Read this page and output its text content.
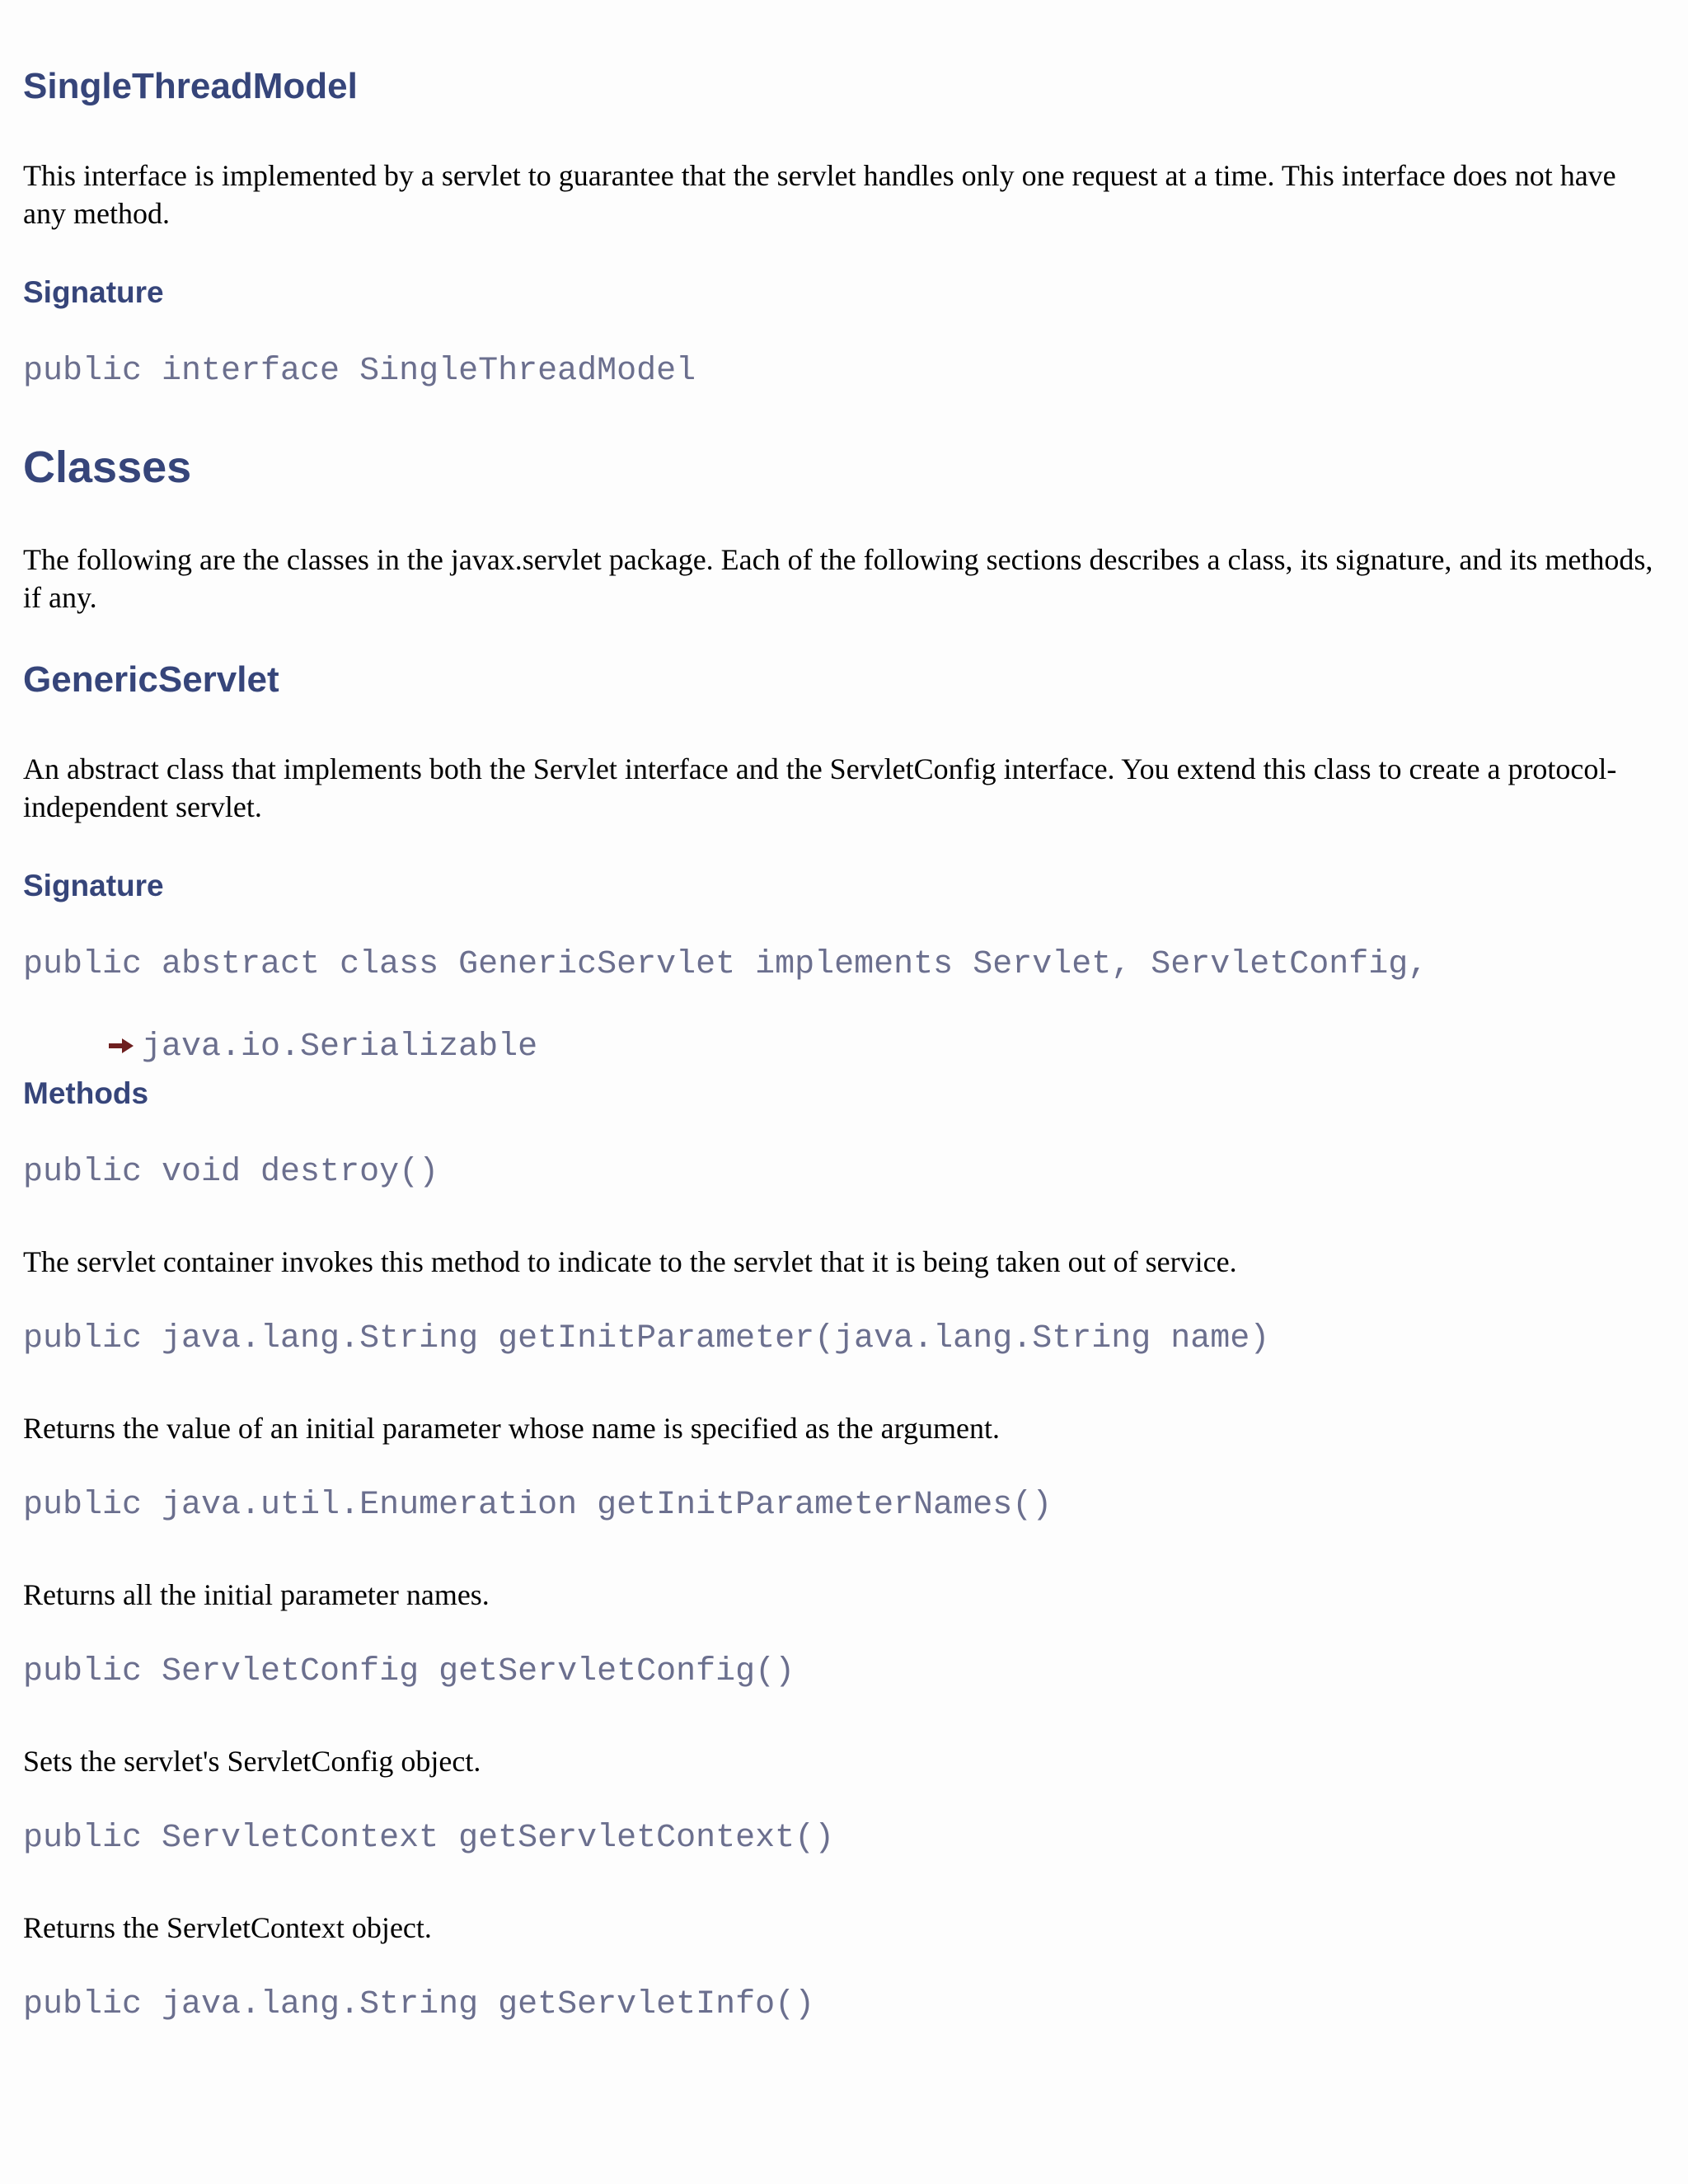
SingleThreadModel

This interface is implemented by a servlet to guarantee that the servlet handles only one request at a time. This interface does not have any method.

Signature
public interface SingleThreadModel
Classes

The following are the classes in the javax.servlet package. Each of the following sections describes a class, its signature, and its methods, if any.

GenericServlet

An abstract class that implements both the Servlet interface and the ServletConfig interface. You extend this class to create a protocol-independent servlet.

Signature
public abstract class GenericServlet implements Servlet, ServletConfig,

java.io.Serializable

Methods
public void destroy()

The servlet container invokes this method to indicate to the servlet that it is being taken out of service.

public java.lang.String getInitParameter(java.lang.String name)

Returns the value of an initial parameter whose name is specified as the argument.

public java.util.Enumeration getInitParameterNames()

Returns all the initial parameter names.

public ServletConfig getServletConfig()

Sets the servlet's ServletConfig object.

public ServletContext getServletContext()

Returns the ServletContext object.

public java.lang.String getServletInfo()
